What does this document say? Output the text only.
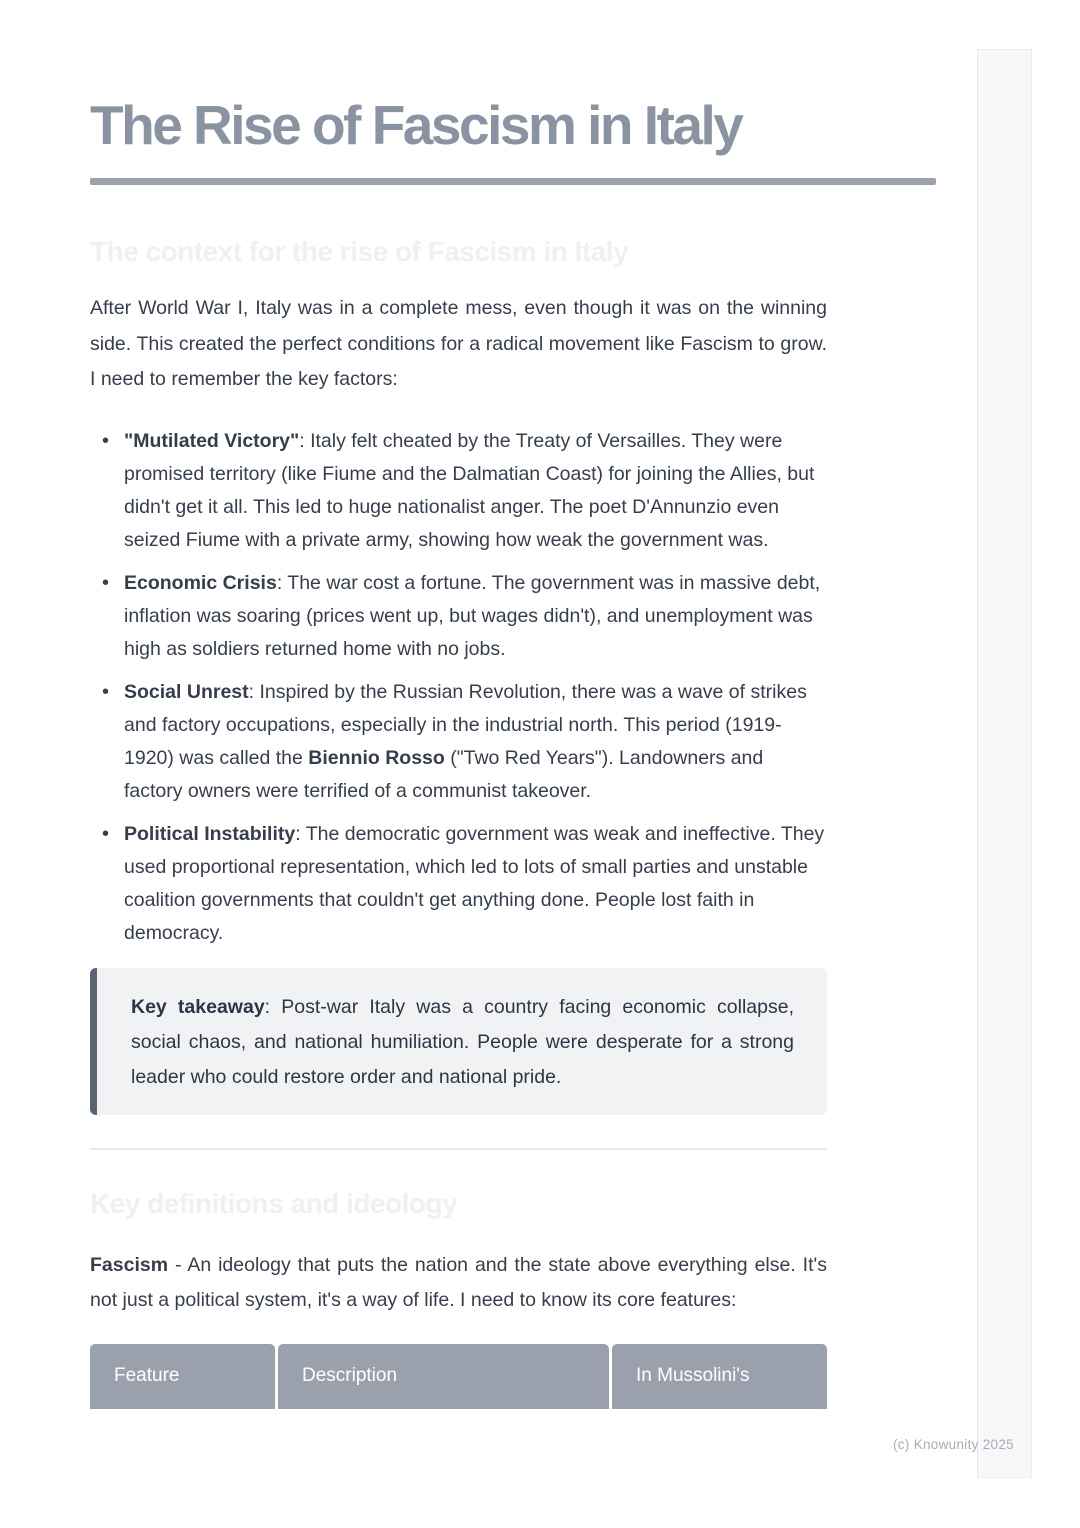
The Rise of Fascism in Italy
The context for the rise of Fascism in Italy

After World War I, Italy was in a complete mess, even though it was on the winning side. This created the perfect conditions for a radical movement like Fascism to grow. I need to remember the key factors:

• "Mutilated Victory": Italy felt cheated by the Treaty of Versailles. They were promised territory (like Fiume and the Dalmatian Coast) for joining the Allies, but didn't get it all. This led to huge nationalist anger. The poet D'Annunzio even seized Fiume with a private army, showing how weak the government was.
• Economic Crisis: The war cost a fortune. The government was in massive debt, inflation was soaring (prices went up, but wages didn't), and unemployment was high as soldiers returned home with no jobs.
• Social Unrest: Inspired by the Russian Revolution, there was a wave of strikes and factory occupations, especially in the industrial north. This period (1919-1920) was called the Biennio Rosso ("Two Red Years"). Landowners and factory owners were terrified of a communist takeover.
• Political Instability: The democratic government was weak and ineffective. They used proportional representation, which led to lots of small parties and unstable coalition governments that couldn't get anything done. People lost faith in democracy.
Key takeaway: Post-war Italy was a country facing economic collapse, social chaos, and national humiliation. People were desperate for a strong leader who could restore order and national pride.
Key definitions and ideology

Fascism - An ideology that puts the nation and the state above everything else. It's not just a political system, it's a way of life. I need to know its core features:

Feature	Description	In Mussolini's
(c) Knowunity 2025
